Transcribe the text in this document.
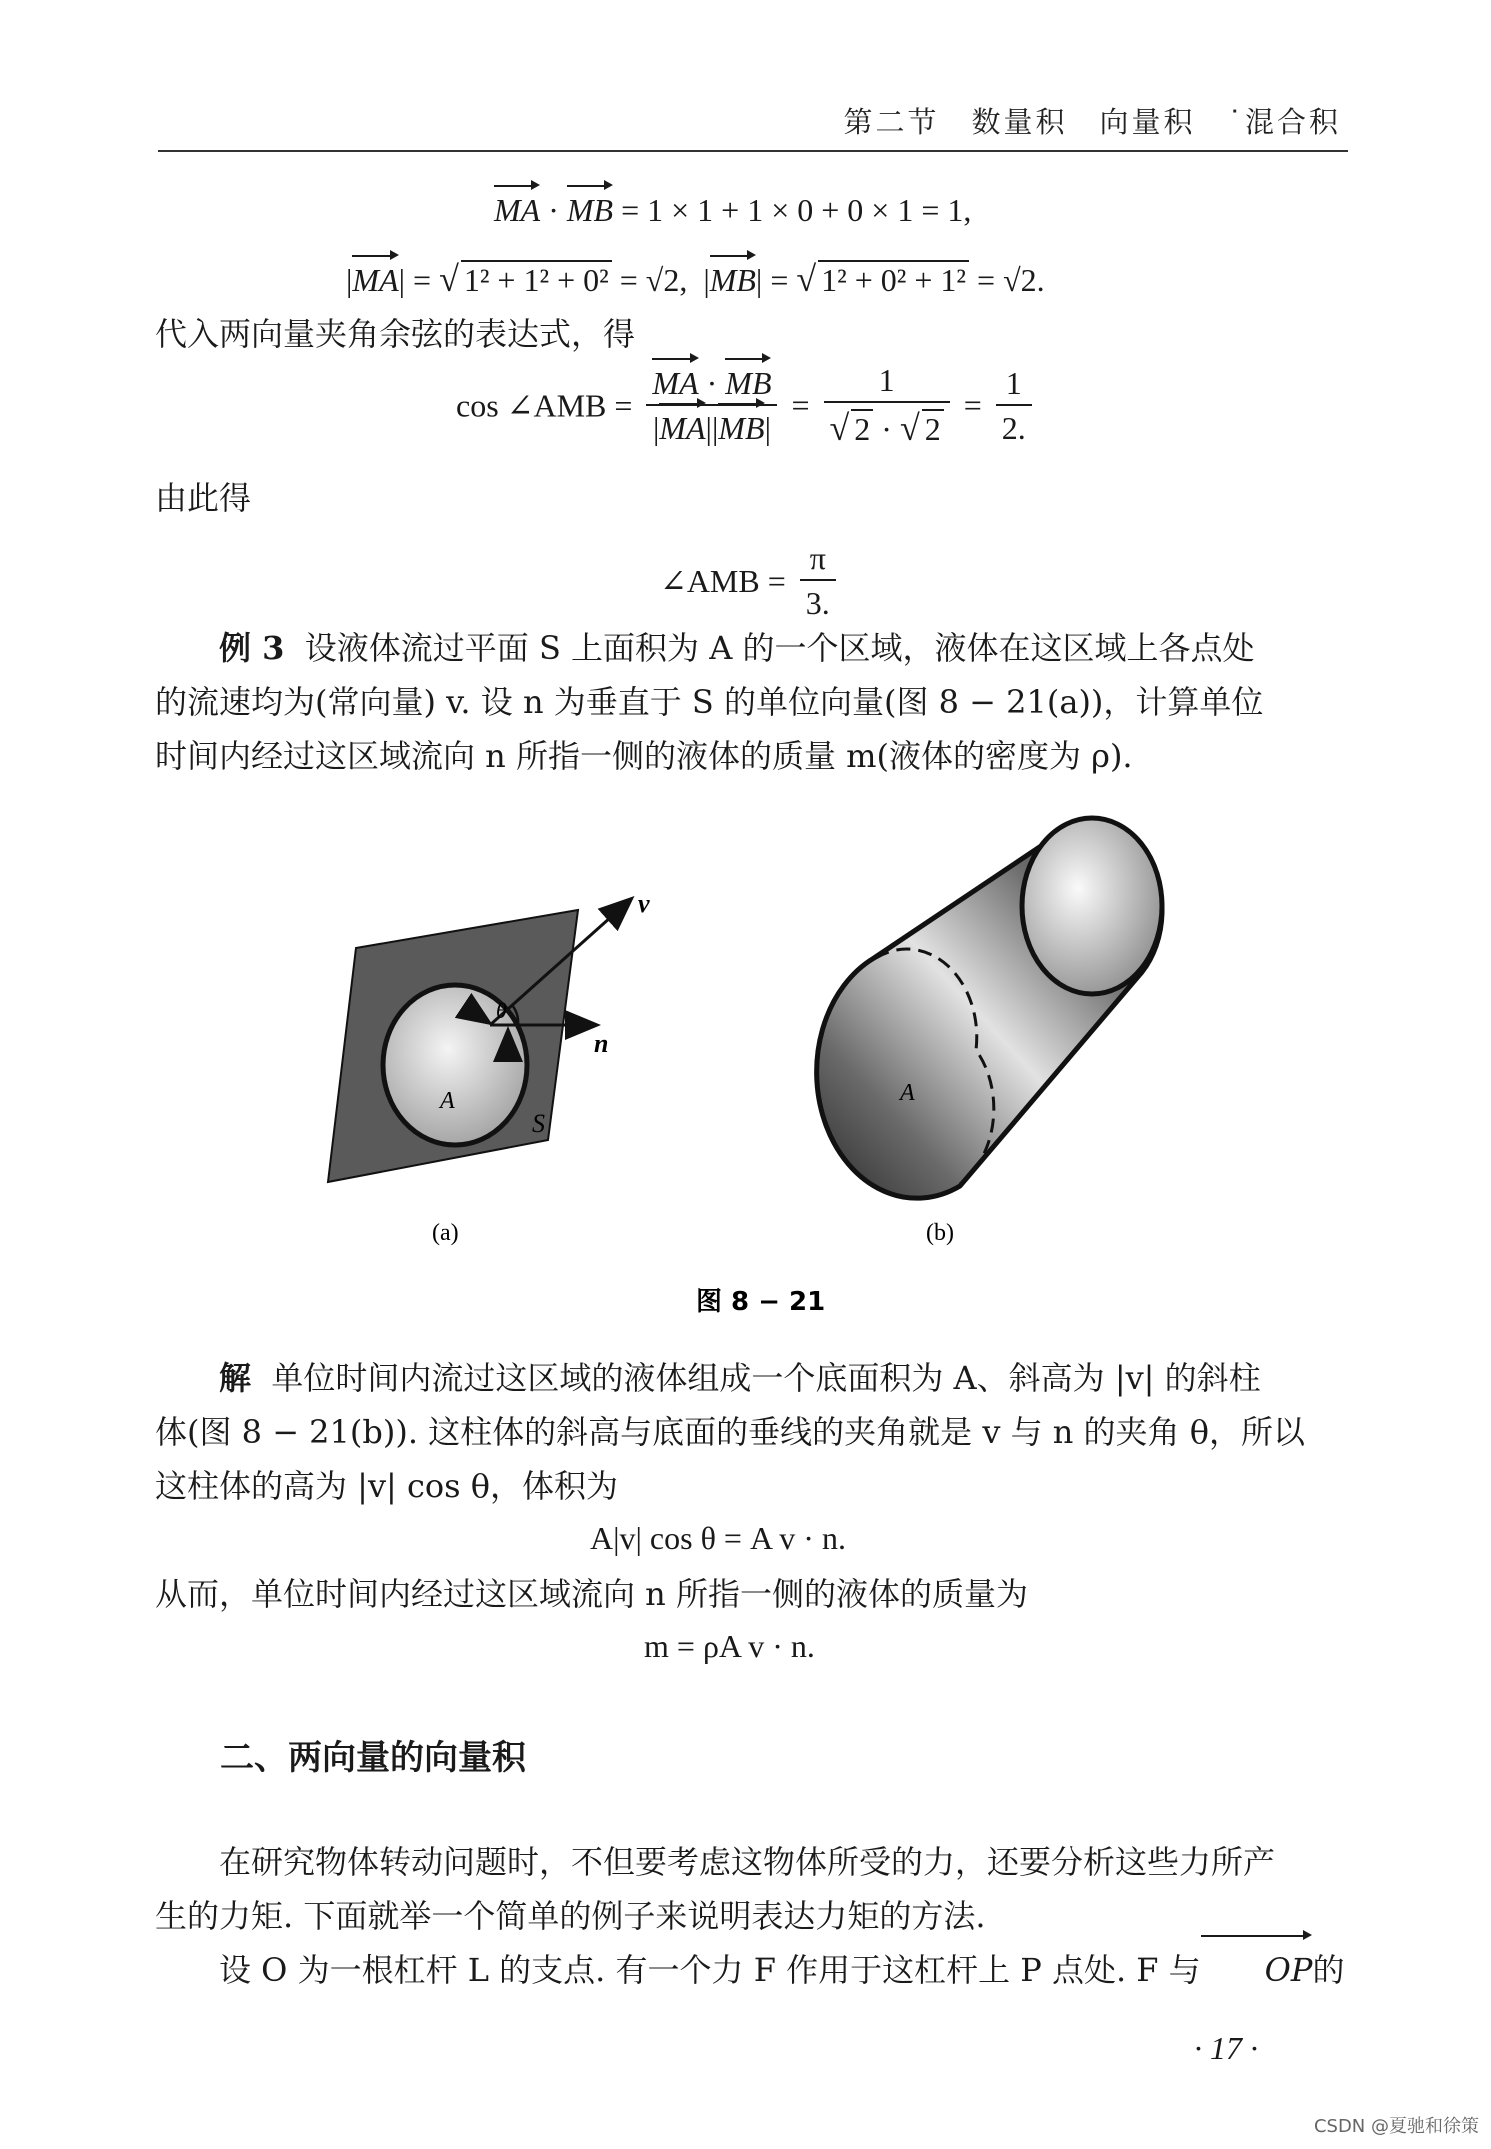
第二节　数量积　向量积　˙混合积
MA · MB = 1 × 1 + 1 × 0 + 0 × 1 = 1,
|MA| = √ 1² + 1² + 0² = √2,  |MB| = √ 1² + 0² + 1² = √2.
代入两向量夹角余弦的表达式，得
cos ∠AMB = $\frac{MA \cdot MB}{|MA||MB|} = \frac{1}{√ 2 \cdot √ 2} = \frac{1}{2.}$
由此得
∠AMB = $\frac{\pi}{3.}$
例 3 设液体流过平面 S 上面积为 A 的一个区域，液体在这区域上各点处
的流速均为(常向量) v. 设 n 为垂直于 S 的单位向量(图 8 − 21(a))，计算单位
时间内经过这区域流向 n 所指一侧的液体的质量 m(液体的密度为 ρ).
v
θ
n
A
S
A
(a)	(b)
图 8 − 21
解 单位时间内流过这区域的液体组成一个底面积为 A、斜高为 |v| 的斜柱
体(图 8 − 21(b)). 这柱体的斜高与底面的垂线的夹角就是 v 与 n 的夹角 θ，所以
这柱体的高为 |v| cos θ，体积为
A|v| cos θ = A v · n.
从而，单位时间内经过这区域流向 n 所指一侧的液体的质量为
m = ρA v · n.
二、两向量的向量积
在研究物体转动问题时，不但要考虑这物体所受的力，还要分析这些力所产
生的力矩. 下面就举一个简单的例子来说明表达力矩的方法.
设 O 为一根杠杆 L 的支点. 有一个力 F 作用于这杠杆上 P 点处. F 与 OP的
· 17 ·
CSDN @夏驰和徐策
